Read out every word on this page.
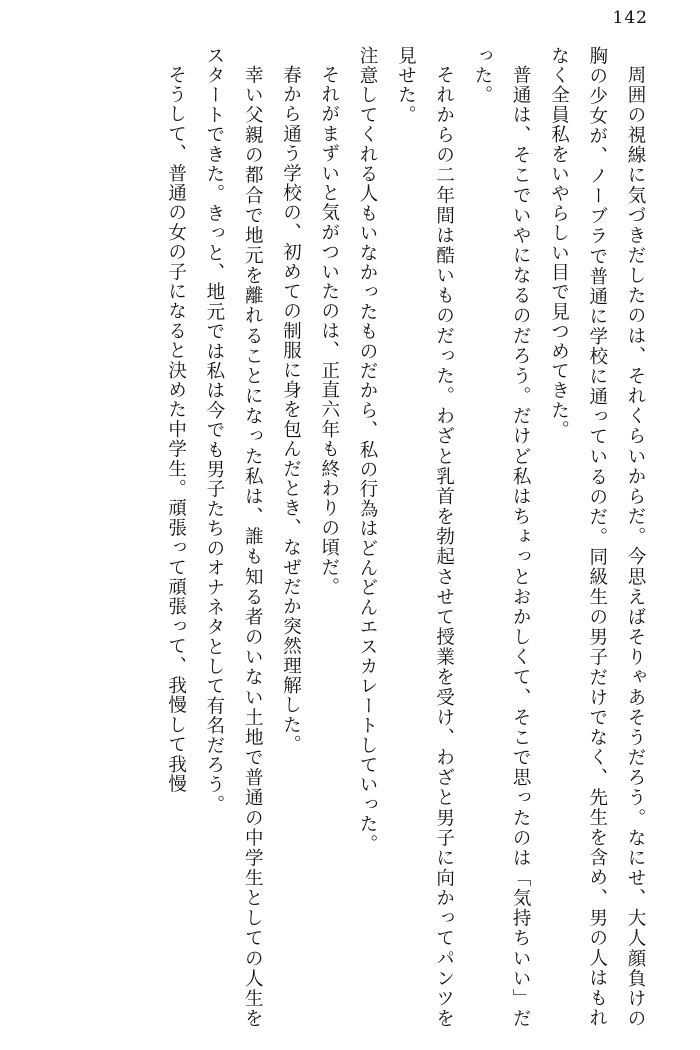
142

周囲の視線に気づきだしたのは、それくらいからだ。今思えばそりゃあそうだろう。なにせ、大人顔負けの胸の少女が、ノーブラで普通に学校に通っているのだ。同級生の男子だけでなく、先生を含め、男の人はもれなく全員私をいやらしい目で見つめてきた。

普通は、そこでいやになるのだろう。だけど私はちょっとおかしくて、そこで思ったのは「気持ちいい」だった。

それからの二年間は酷いものだった。わざと乳首を勃起させて授業を受け、わざと男子に向かってパンツを見せた。

注意してくれる人もいなかったものだから、私の行為はどんどんエスカレートしていった。

それがまずいと気がついたのは、正直六年も終わりの頃だ。

春から通う学校の、初めての制服に身を包んだとき、なぜだか突然理解した。

幸い父親の都合で地元を離れることになった私は、誰も知る者のいない土地で普通の中学生としての人生をスタートできた。きっと、地元では私は今でも男子たちのオナネタとして有名だろう。

そうして、普通の女の子になると決めた中学生。頑張って頑張って、我慢して我慢
